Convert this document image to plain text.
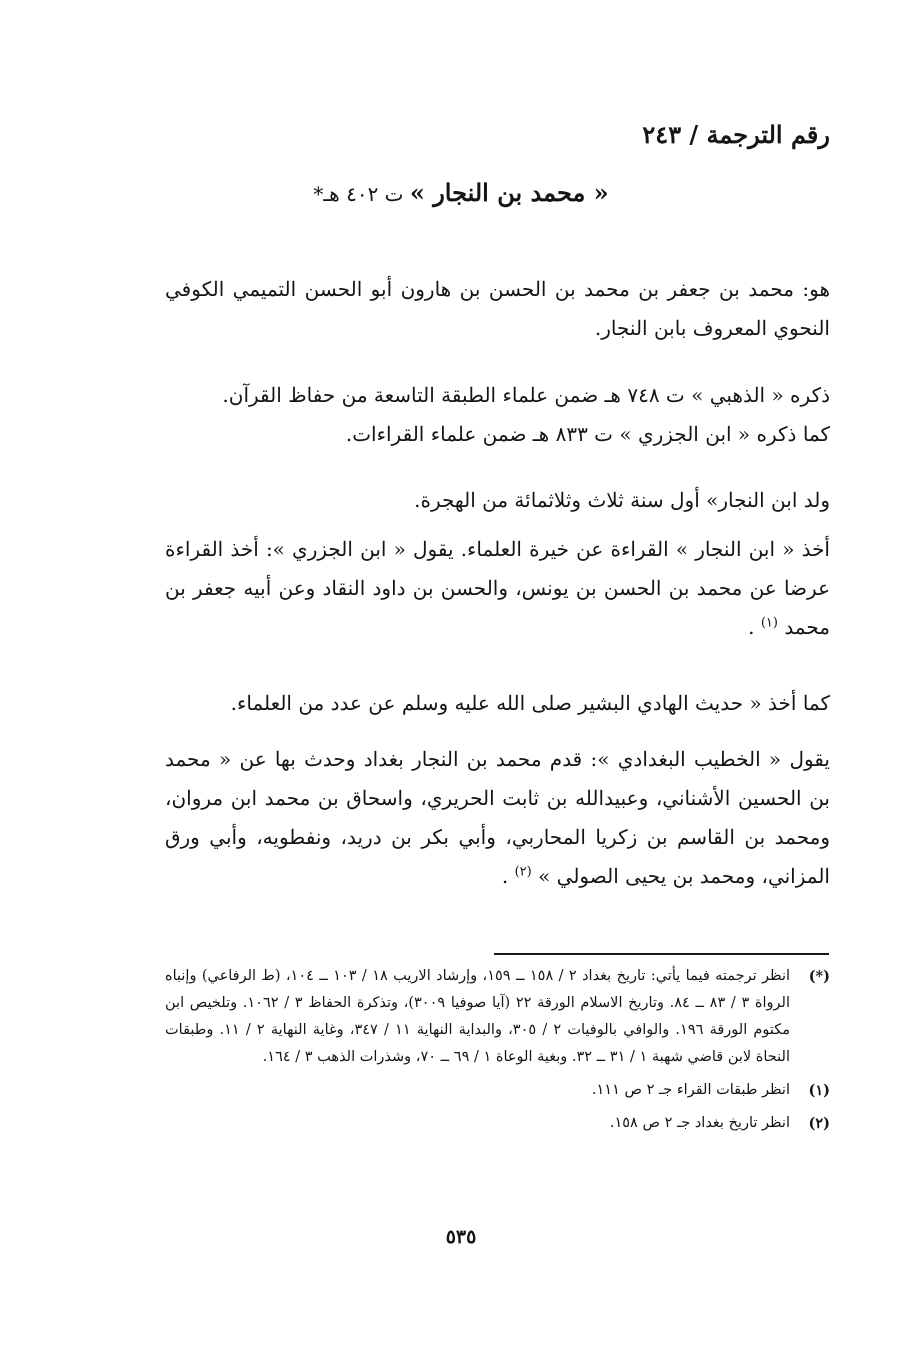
رقم الترجمة / ٢٤٣
« محمد بن النجار » ت ٤٠٢ هـ*
هو: محمد بن جعفر بن محمد بن الحسن بن هارون أبو الحسن التميمي الكوفي النحوي المعروف بابن النجار.
ذكره « الذهبي » ت ٧٤٨ هـ ضمن علماء الطبقة التاسعة من حفاظ القرآن.
كما ذكره « ابن الجزري » ت ٨٣٣ هـ ضمن علماء القراءات.
ولد ابن النجار» أول سنة ثلاث وثلاثمائة من الهجرة.
أخذ « ابن النجار » القراءة عن خيرة العلماء. يقول « ابن الجزري »: أخذ القراءة عرضا عن محمد بن الحسن بن يونس، والحسن بن داود النقاد وعن أبيه جعفر بن محمد $^{(١)}$ .
كما أخذ « حديث الهادي البشير صلى الله عليه وسلم عن عدد من العلماء.
يقول « الخطيب البغدادي »: قدم محمد بن النجار بغداد وحدث بها عن « محمد بن الحسين الأشناني، وعبيدالله بن ثابت الحريري، واسحاق بن محمد ابن مروان، ومحمد بن القاسم بن زكريا المحاربي، وأبي بكر بن دريد، ونفطويه، وأبي ورق المزاني، ومحمد بن يحيى الصولي » $^{(٢)}$ .
(*)
انظر ترجمته فيما يأتي: تاريخ بغداد ٢ / ١٥٨ ــ ١٥٩، وإرشاد الاريب ١٨ / ١٠٣ ــ ١٠٤، (ط الرفاعي) وإنباه الرواة ٣ / ٨٣ ــ ٨٤. وتاريخ الاسلام الورقة ٢٢ (آيا صوفيا ٣٠٠٩)، وتذكرة الحفاظ ٣ / ١٠٦٢. وتلخيص ابن مكتوم الورقة ١٩٦. والوافي بالوفيات ٢ / ٣٠٥، والبداية النهاية ١١ / ٣٤٧، وغاية النهاية ٢ / ١١. وطبقات النحاة لابن قاضي شهبة ١ / ٣١ ــ ٣٢. وبغية الوعاة ١ / ٦٩ ــ ٧٠، وشذرات الذهب ٣ / ١٦٤.
(١)
انظر طبقات القراء جـ ٢ ص ١١١.
(٢)
انظر تاريخ بغداد جـ ٢ ص ١٥٨.
٥٣٥
